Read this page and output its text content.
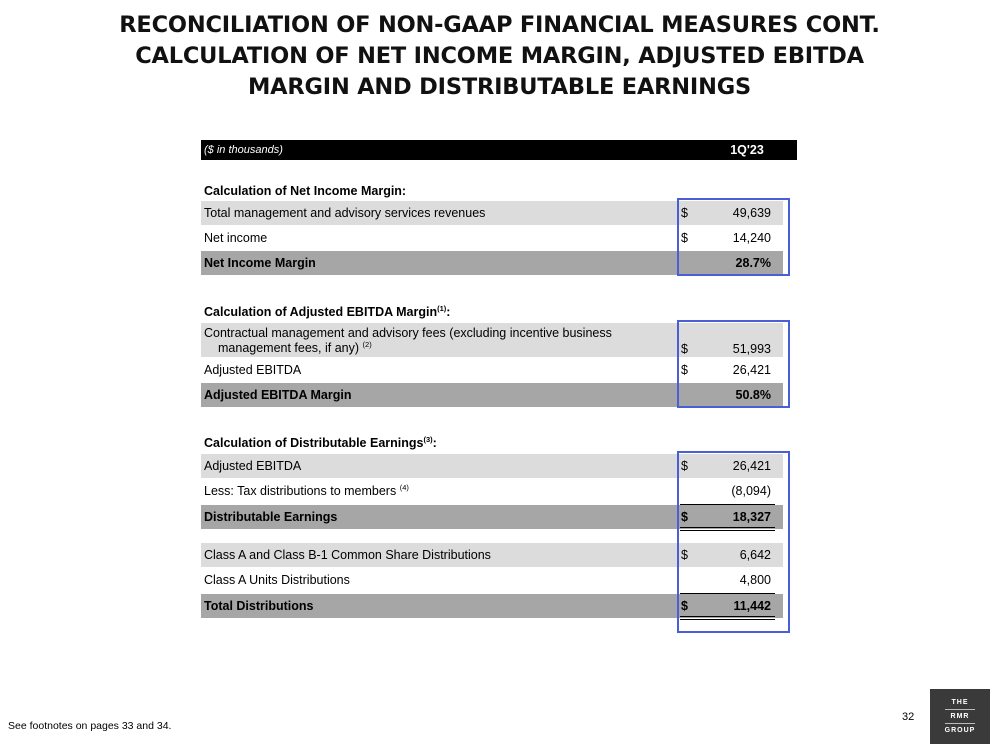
RECONCILIATION OF NON-GAAP FINANCIAL MEASURES CONT.
CALCULATION OF NET INCOME MARGIN, ADJUSTED EBITDA
MARGIN AND DISTRIBUTABLE EARNINGS
($ in thousands)	1Q'23
Calculation of Net Income Margin:
Total management and advisory services revenues	$	49,639
Net income	$	14,240
Net Income Margin	28.7%
Calculation of Adjusted EBITDA Margin$^{(1)}$:
Contractual management and advisory fees (excluding incentive business
management fees, if any) $^{(2)}$	$	51,993
Adjusted EBITDA	$	26,421
Adjusted EBITDA Margin	50.8%
Calculation of Distributable Earnings$^{(3)}$:
Adjusted EBITDA	$	26,421
Less: Tax distributions to members $^{(4)}$	(8,094)
Distributable Earnings	$	18,327
Class A and Class B-1 Common Share Distributions	$	6,642
Class A Units Distributions	4,800
Total Distributions	$	11,442
See footnotes on pages 33 and 34.
32
THE
RMR
GROUP
